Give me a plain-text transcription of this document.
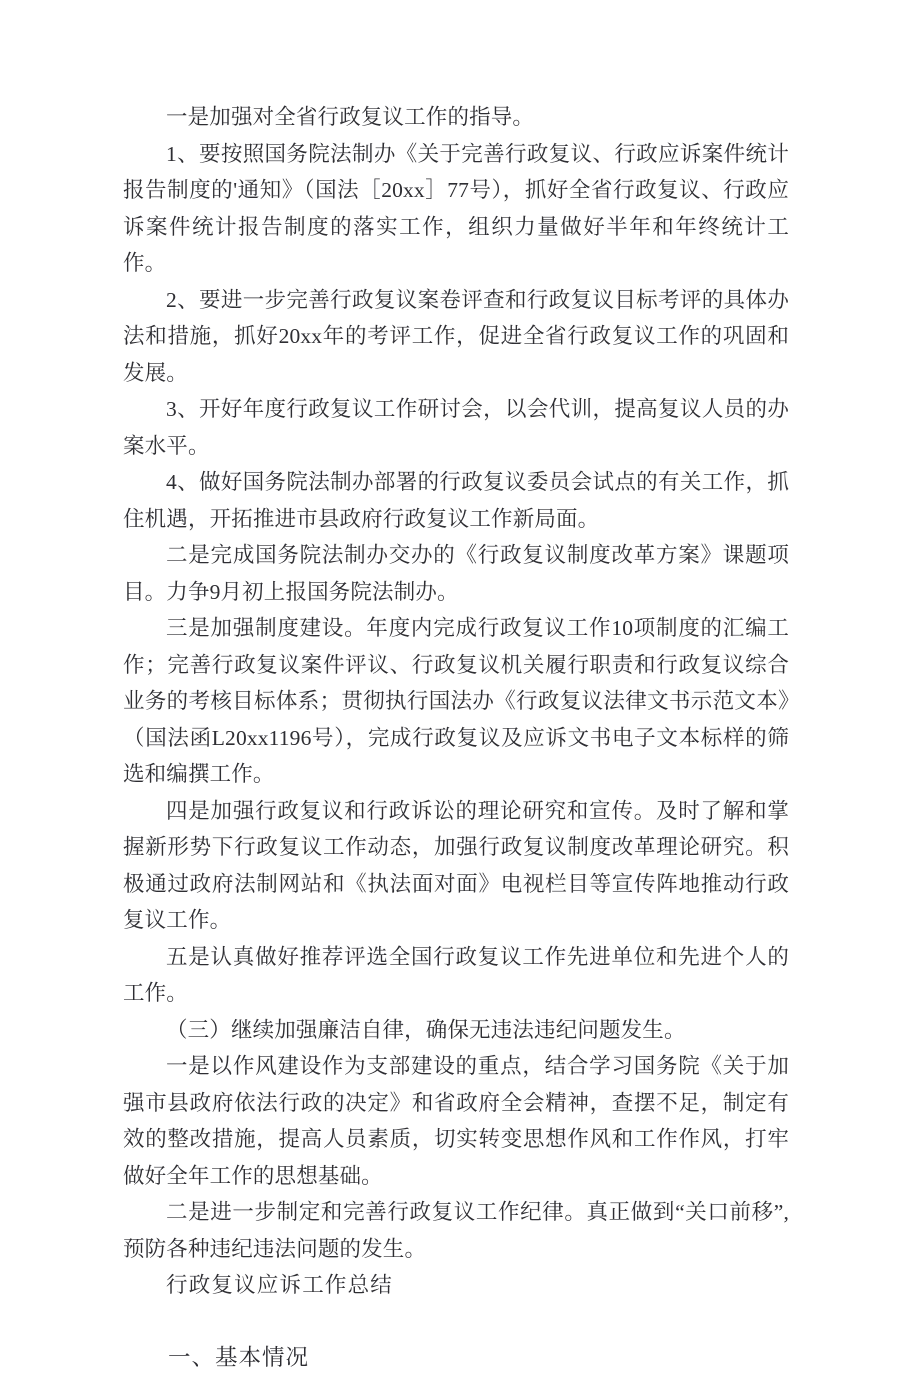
一是加强对全省行政复议工作的指导。

1、要按照国务院法制办《关于完善行政复议、行政应诉案件统计报告制度的'通知》（国法［20xx］77号），抓好全省行政复议、行政应诉案件统计报告制度的落实工作，组织力量做好半年和年终统计工作。

2、要进一步完善行政复议案卷评查和行政复议目标考评的具体办法和措施，抓好20xx年的考评工作，促进全省行政复议工作的巩固和发展。

3、开好年度行政复议工作研讨会，以会代训，提高复议人员的办案水平。

4、做好国务院法制办部署的行政复议委员会试点的有关工作，抓住机遇，开拓推进市县政府行政复议工作新局面。

二是完成国务院法制办交办的《行政复议制度改革方案》课题项目。力争9月初上报国务院法制办。

三是加强制度建设。年度内完成行政复议工作10项制度的汇编工作；完善行政复议案件评议、行政复议机关履行职责和行政复议综合业务的考核目标体系；贯彻执行国法办《行政复议法律文书示范文本》（国法函L20xx1196号），完成行政复议及应诉文书电子文本标样的筛选和编撰工作。

四是加强行政复议和行政诉讼的理论研究和宣传。及时了解和掌握新形势下行政复议工作动态，加强行政复议制度改革理论研究。积极通过政府法制网站和《执法面对面》电视栏目等宣传阵地推动行政复议工作。

五是认真做好推荐评选全国行政复议工作先进单位和先进个人的工作。

（三）继续加强廉洁自律，确保无违法违纪问题发生。

一是以作风建设作为支部建设的重点，结合学习国务院《关于加强市县政府依法行政的决定》和省政府全会精神，查摆不足，制定有效的整改措施，提高人员素质，切实转变思想作风和工作作风，打牢做好全年工作的思想基础。

二是进一步制定和完善行政复议工作纪律。真正做到“关口前移”,预防各种违纪违法问题的发生。

行政复议应诉工作总结

一、基本情况
